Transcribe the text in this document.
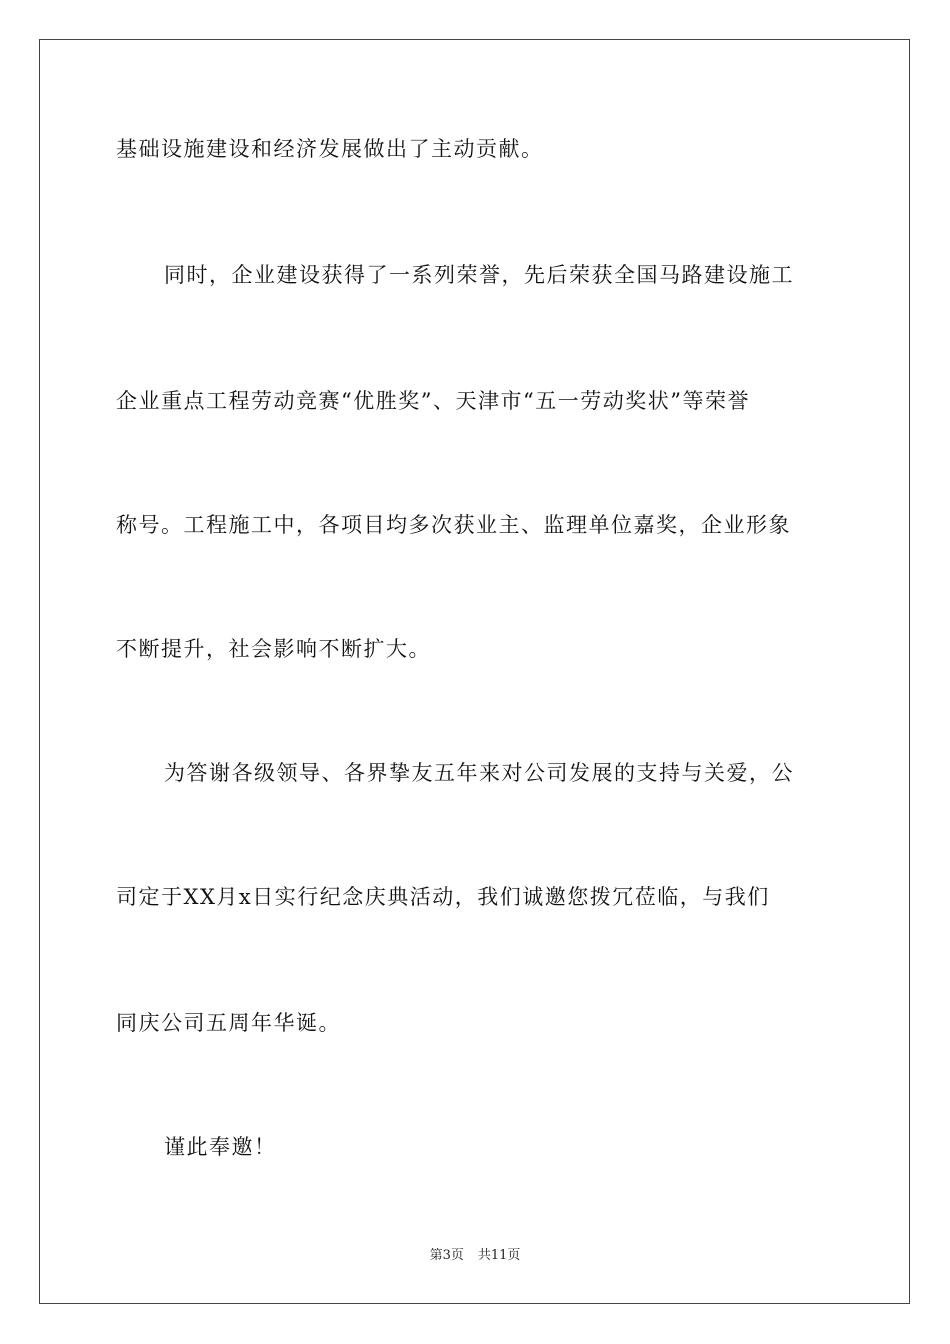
基础设施建设和经济发展做出了主动贡献。
同时，企业建设获得了一系列荣誉，先后荣获全国马路建设施工
企业重点工程劳动竞赛“优胜奖”、天津市“五一劳动奖状”等荣誉
称号。工程施工中，各项目均多次获业主、监理单位嘉奖，企业形象
不断提升，社会影响不断扩大。
为答谢各级领导、各界挚友五年来对公司发展的支持与关爱，公
司定于XX月x日实行纪念庆典活动，我们诚邀您拨冗莅临，与我们
同庆公司五周年华诞。
谨此奉邀！
第3页 共11页
